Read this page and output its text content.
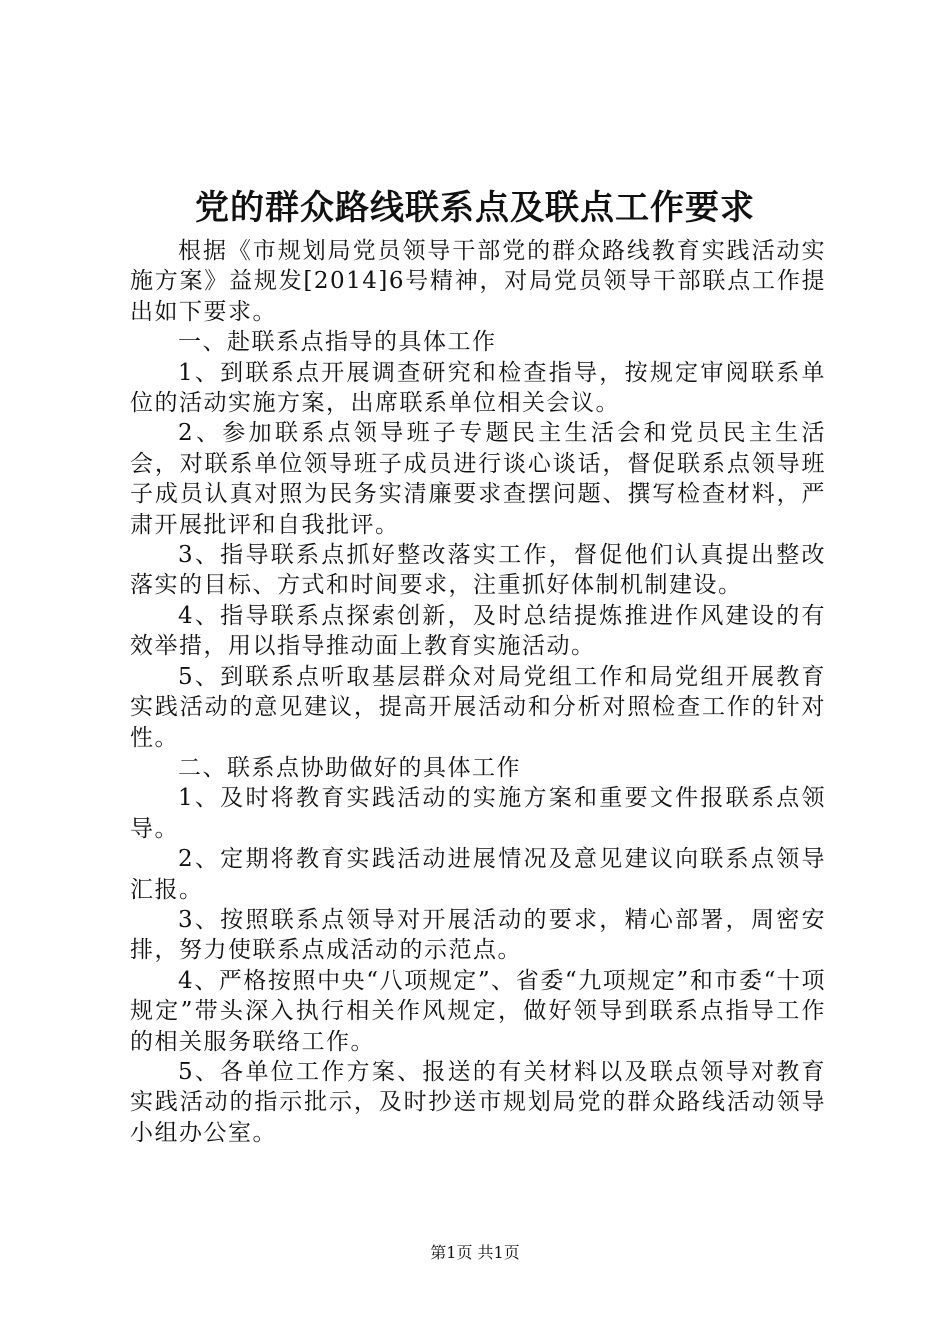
党的群众路线联系点及联点工作要求

根据《市规划局党员领导干部党的群众路线教育实践活动实施方案》益规发[2014]6号精神，对局党员领导干部联点工作提出如下要求。

一、赴联系点指导的具体工作

1、到联系点开展调查研究和检查指导，按规定审阅联系单位的活动实施方案，出席联系单位相关会议。

2、参加联系点领导班子专题民主生活会和党员民主生活会，对联系单位领导班子成员进行谈心谈话，督促联系点领导班子成员认真对照为民务实清廉要求查摆问题、撰写检查材料，严肃开展批评和自我批评。

3、指导联系点抓好整改落实工作，督促他们认真提出整改落实的目标、方式和时间要求，注重抓好体制机制建设。

4、指导联系点探索创新，及时总结提炼推进作风建设的有效举措，用以指导推动面上教育实施活动。

5、到联系点听取基层群众对局党组工作和局党组开展教育实践活动的意见建议，提高开展活动和分析对照检查工作的针对性。

二、联系点协助做好的具体工作

1、及时将教育实践活动的实施方案和重要文件报联系点领导。

2、定期将教育实践活动进展情况及意见建议向联系点领导汇报。

3、按照联系点领导对开展活动的要求，精心部署，周密安排，努力使联系点成活动的示范点。

4、严格按照中央“八项规定”、省委“九项规定”和市委“十项规定”带头深入执行相关作风规定，做好领导到联系点指导工作的相关服务联络工作。

5、各单位工作方案、报送的有关材料以及联点领导对教育实践活动的指示批示，及时抄送市规划局党的群众路线活动领导小组办公室。

第1页 共1页
